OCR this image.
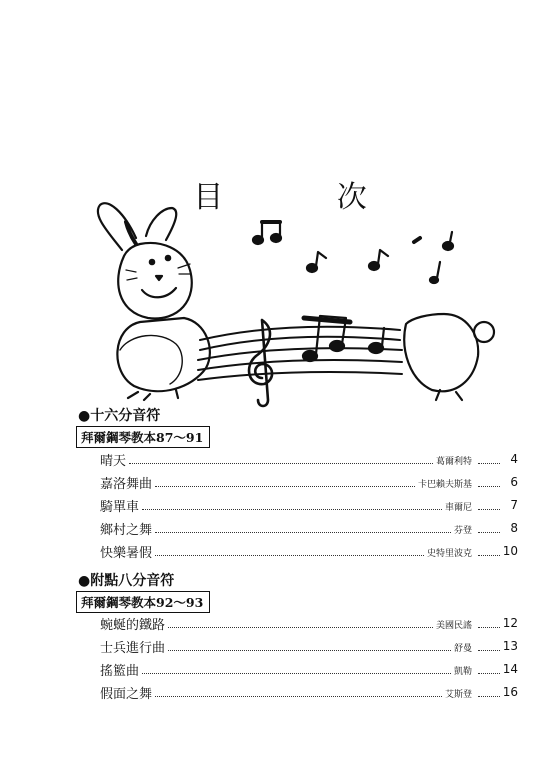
目 次
●十六分音符
拜爾鋼琴教本87～91
晴天	葛爾利特	4
嘉洛舞曲	卡巴賴夫斯基	6
騎單車	車爾尼	7
鄉村之舞	芬登	8
快樂暑假	史特里波克	10
●附點八分音符
拜爾鋼琴教本92～93
蜿蜒的鐵路	美國民謠	12
士兵進行曲	舒曼	13
搖籃曲	凱勒	14
假面之舞	艾斯登	16
